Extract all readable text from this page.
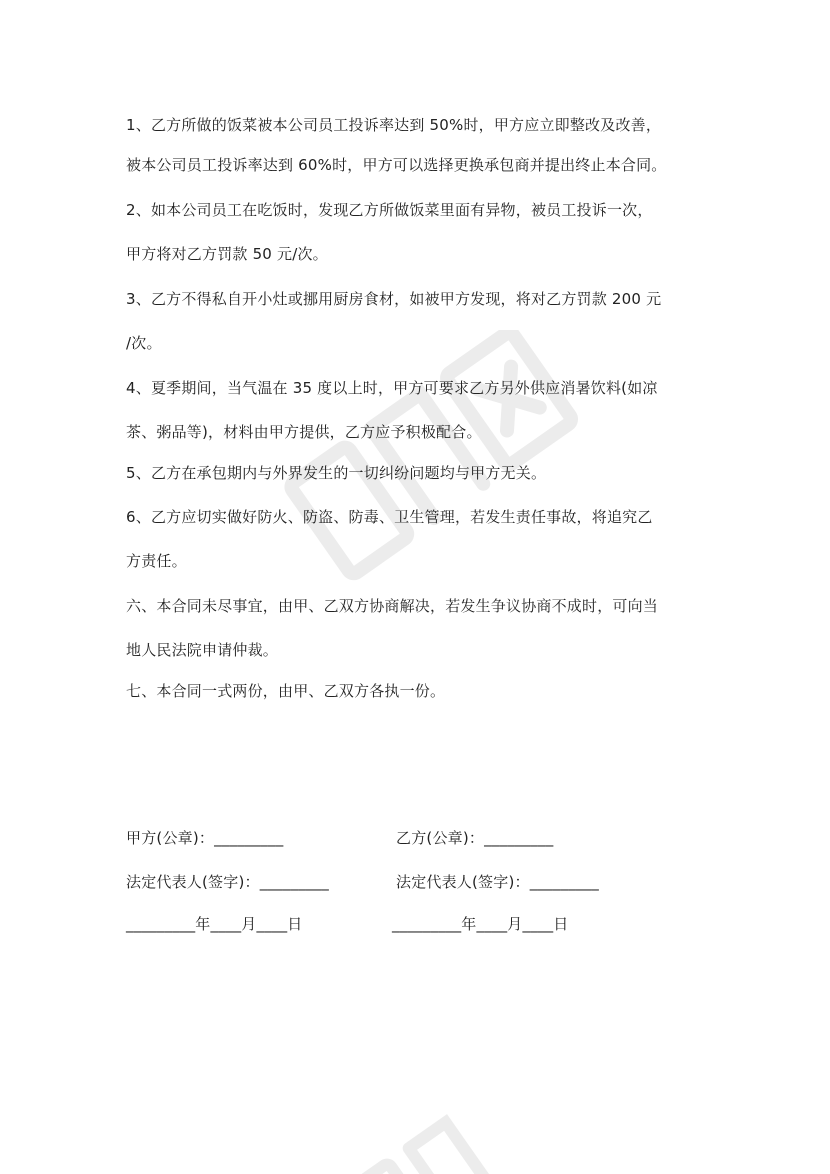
1、乙方所做的饭菜被本公司员工投诉率达到 50%时，甲方应立即整改及改善，
被本公司员工投诉率达到 60%时，甲方可以选择更换承包商并提出终止本合同。
2、如本公司员工在吃饭时，发现乙方所做饭菜里面有异物，被员工投诉一次，
甲方将对乙方罚款 50 元/次。
3、乙方不得私自开小灶或挪用厨房食材，如被甲方发现，将对乙方罚款 200 元
/次。
4、夏季期间，当气温在 35 度以上时，甲方可要求乙方另外供应消暑饮料(如凉
茶、粥品等)，材料由甲方提供，乙方应予积极配合。
5、乙方在承包期内与外界发生的一切纠纷问题均与甲方无关。
6、乙方应切实做好防火、防盗、防毒、卫生管理，若发生责任事故，将追究乙
方责任。
六、本合同未尽事宜，由甲、乙双方协商解决，若发生争议协商不成时，可向当
地人民法院申请仲裁。
七、本合同一式两份，由甲、乙双方各执一份。
甲方(公章)：_________	乙方(公章)：_________
法定代表人(签字)：_________	法定代表人(签字)：_________
_________年____月____日	_________年____月____日
